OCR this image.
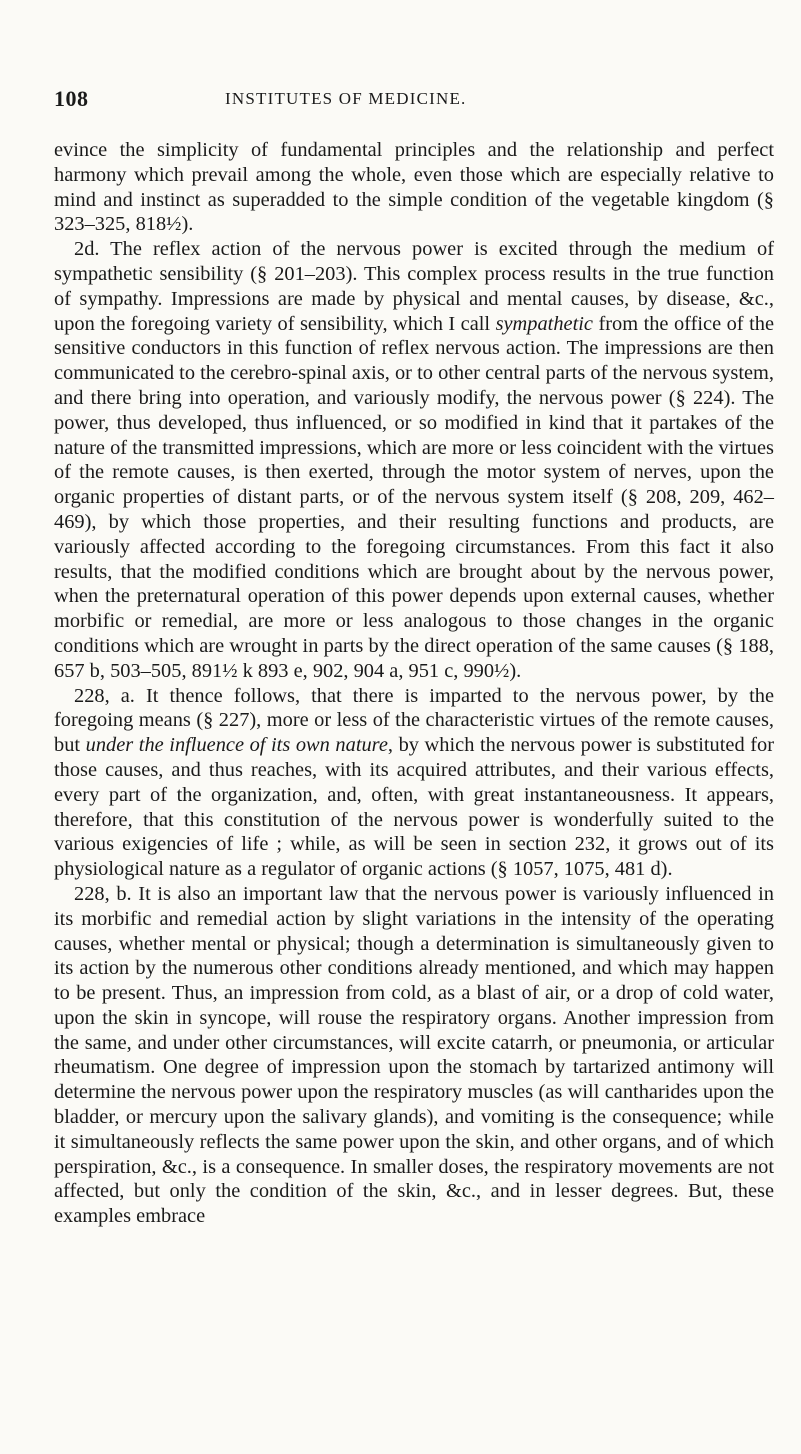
108	INSTITUTES OF MEDICINE.

evince the simplicity of fundamental principles and the relationship and perfect harmony which prevail among the whole, even those which are especially relative to mind and instinct as superadded to the simple condition of the vegetable kingdom (§ 323–325, 818½).

2d. The reflex action of the nervous power is excited through the medium of sympathetic sensibility (§ 201–203). This complex process results in the true function of sympathy. Impressions are made by physical and mental causes, by disease, &c., upon the foregoing variety of sensibility, which I call sympathetic from the office of the sensitive conductors in this function of reflex nervous action. The impressions are then communicated to the cerebro-spinal axis, or to other central parts of the nervous system, and there bring into operation, and variously modify, the nervous power (§ 224). The power, thus developed, thus influenced, or so modified in kind that it partakes of the nature of the transmitted impressions, which are more or less coincident with the virtues of the remote causes, is then exerted, through the motor system of nerves, upon the organic properties of distant parts, or of the nervous system itself (§ 208, 209, 462–469), by which those properties, and their resulting functions and products, are variously affected according to the foregoing circumstances. From this fact it also results, that the modified conditions which are brought about by the nervous power, when the preternatural operation of this power depends upon external causes, whether morbific or remedial, are more or less analogous to those changes in the organic conditions which are wrought in parts by the direct operation of the same causes (§ 188, 657 b, 503–505, 891½ k 893 e, 902, 904 a, 951 c, 990½).

228, a. It thence follows, that there is imparted to the nervous power, by the foregoing means (§ 227), more or less of the characteristic virtues of the remote causes, but under the influence of its own nature, by which the nervous power is substituted for those causes, and thus reaches, with its acquired attributes, and their various effects, every part of the organization, and, often, with great instantaneousness. It appears, therefore, that this constitution of the nervous power is wonderfully suited to the various exigencies of life ; while, as will be seen in section 232, it grows out of its physiological nature as a regulator of organic actions (§ 1057, 1075, 481 d).

228, b. It is also an important law that the nervous power is variously influenced in its morbific and remedial action by slight variations in the intensity of the operating causes, whether mental or physical; though a determination is simultaneously given to its action by the numerous other conditions already mentioned, and which may happen to be present. Thus, an impression from cold, as a blast of air, or a drop of cold water, upon the skin in syncope, will rouse the respiratory organs. Another impression from the same, and under other circumstances, will excite catarrh, or pneumonia, or articular rheumatism. One degree of impression upon the stomach by tartarized antimony will determine the nervous power upon the respiratory muscles (as will cantharides upon the bladder, or mercury upon the salivary glands), and vomiting is the consequence; while it simultaneously reflects the same power upon the skin, and other organs, and of which perspiration, &c., is a consequence. In smaller doses, the respiratory movements are not affected, but only the condition of the skin, &c., and in lesser degrees. But, these examples embrace
